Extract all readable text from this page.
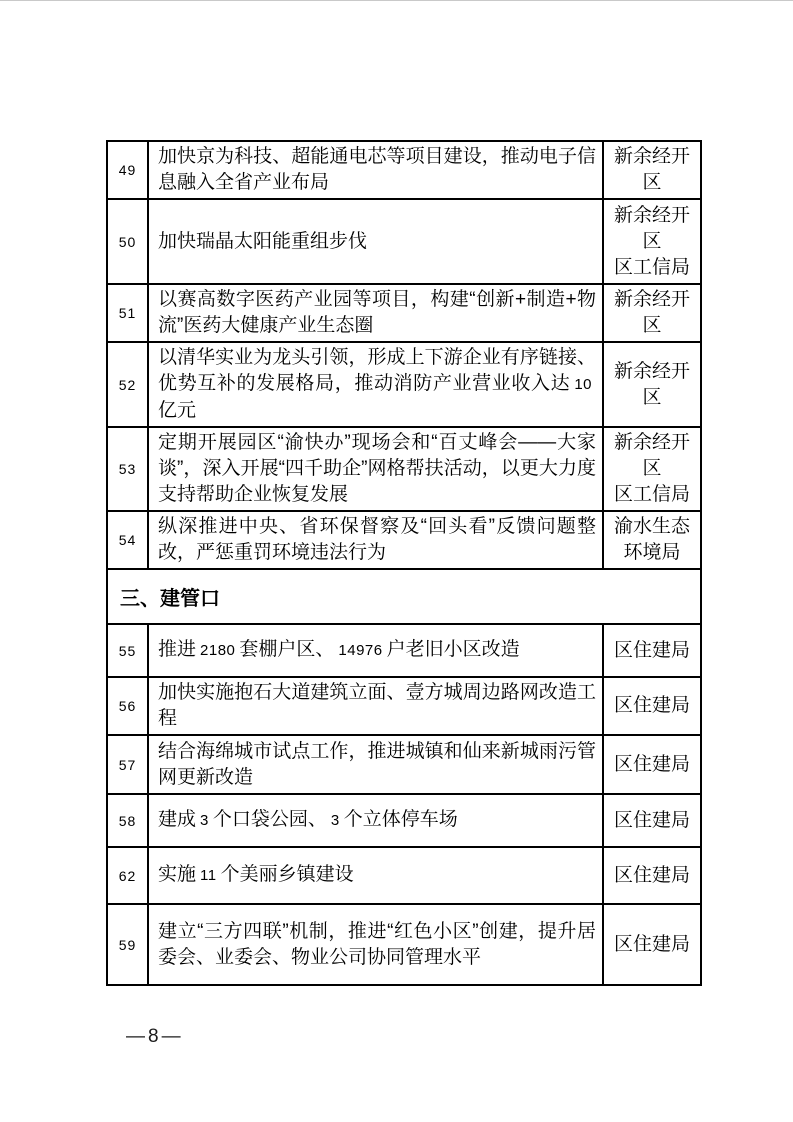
49	加快京为科技、超能通电芯等项目建设，推动电子信息融入全省产业布局	新余经开区

50	加快瑞晶太阳能重组步伐	新余经开区
区工信局

51	以赛高数字医药产业园等项目，构建“创新+制造+物流”医药大健康产业生态圈	新余经开区

52	以清华实业为龙头引领，形成上下游企业有序链接、优势互补的发展格局，推动消防产业营业收入达 10亿元	新余经开区

53	定期开展园区“渝快办”现场会和“百丈峰会——大家谈”，深入开展“四千助企”网格帮扶活动，以更大力度支持帮助企业恢复发展	新余经开区
区工信局

54	纵深推进中央、省环保督察及“回头看”反馈问题整改，严惩重罚环境违法行为	渝水生态环境局

三、建管口		
55	推进 2180 套棚户区、 14976 户老旧小区改造	区住建局

56	加快实施抱石大道建筑立面、壹方城周边路网改造工程	区住建局

57	结合海绵城市试点工作，推进城镇和仙来新城雨污管网更新改造	区住建局

58	建成 3 个口袋公园、 3 个立体停车场	区住建局

62	实施 11 个美丽乡镇建设	区住建局

59	建立“三方四联”机制，推进“红色小区”创建，提升居委会、业委会、物业公司协同管理水平	区住建局
—8—
